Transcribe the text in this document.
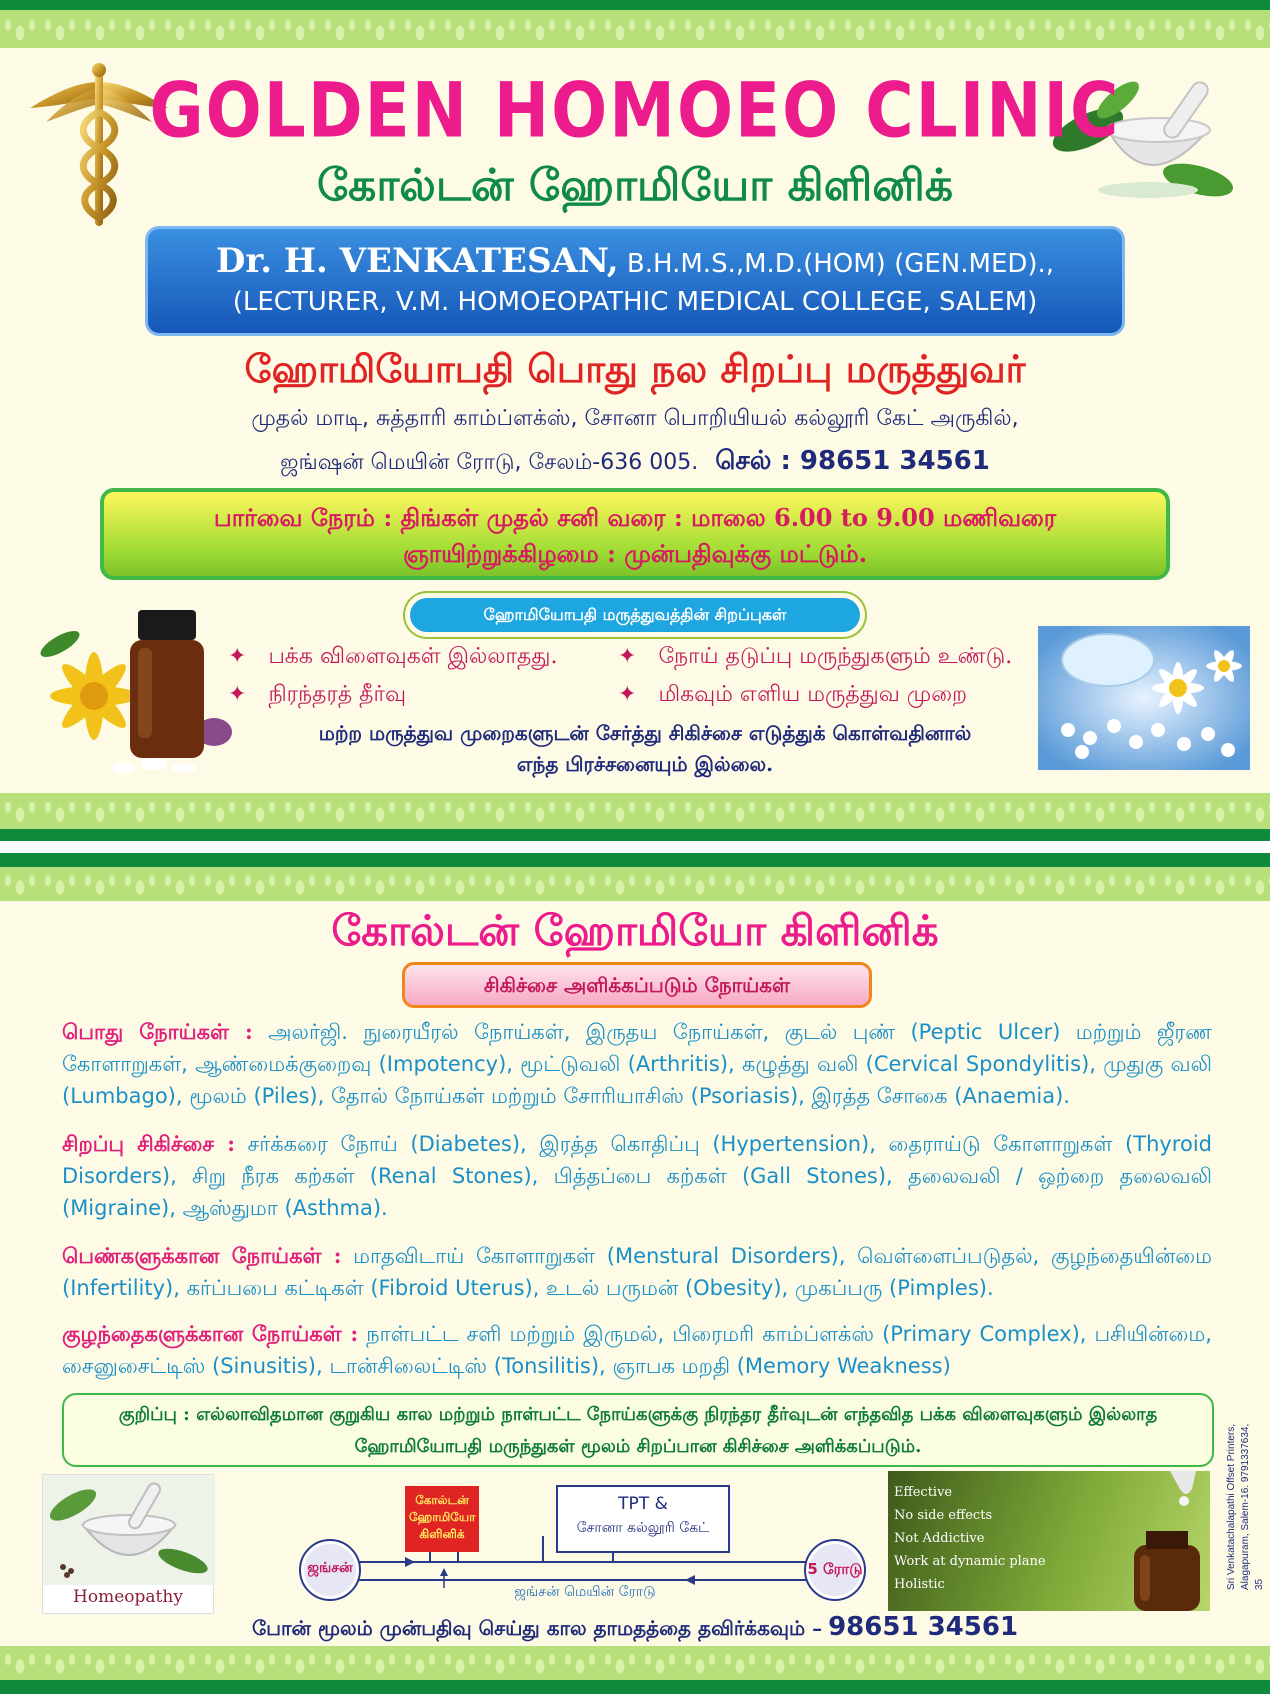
GOLDEN HOMOEO CLINIC
கோல்டன் ஹோமியோ கிளினிக்
Dr. H. VENKATESAN, B.H.M.S.,M.D.(HOM) (GEN.MED).,
(LECTURER, V.M. HOMOEOPATHIC MEDICAL COLLEGE, SALEM)
ஹோமியோபதி பொது நல சிறப்பு மருத்துவர்
முதல் மாடி, சுத்தாரி காம்ப்ளக்ஸ், சோனா பொறியியல் கல்லூரி கேட் அருகில்,
ஜங்ஷன் மெயின் ரோடு, சேலம்-636 005. செல் : 98651 34561
பார்வை நேரம் : திங்கள் முதல் சனி வரை : மாலை 6.00 to 9.00 மணிவரை
ஞாயிற்றுக்கிழமை : முன்பதிவுக்கு மட்டும்.
ஹோமியோபதி மருத்துவத்தின் சிறப்புகள்
✦ பக்க விளைவுகள் இல்லாதது.	✦ நோய் தடுப்பு மருந்துகளும் உண்டு.
✦ நிரந்தரத் தீர்வு	✦ மிகவும் எளிய மருத்துவ முறை
மற்ற மருத்துவ முறைகளுடன் சேர்த்து சிகிச்சை எடுத்துக் கொள்வதினால்
எந்த பிரச்சனையும் இல்லை.
கோல்டன் ஹோமியோ கிளினிக்
சிகிச்சை அளிக்கப்படும் நோய்கள்

பொது நோய்கள் : அலர்ஜி. நுரையீரல் நோய்கள், இருதய நோய்கள், குடல் புண் (Peptic Ulcer) மற்றும் ஜீரண கோளாறுகள், ஆண்மைக்குறைவு (Impotency), மூட்டுவலி (Arthritis), கழுத்து வலி (Cervical Spondylitis), முதுகு வலி (Lumbago), மூலம் (Piles), தோல் நோய்கள் மற்றும் சோரியாசிஸ் (Psoriasis), இரத்த சோகை (Anaemia).

சிறப்பு சிகிச்சை : சர்க்கரை நோய் (Diabetes), இரத்த கொதிப்பு (Hypertension), தைராய்டு கோளாறுகள் (Thyroid Disorders), சிறு நீரக கற்கள் (Renal Stones), பித்தப்பை கற்கள் (Gall Stones), தலைவலி / ஒற்றை தலைவலி (Migraine), ஆஸ்துமா (Asthma).

பெண்களுக்கான நோய்கள் : மாதவிடாய் கோளாறுகள் (Menstural Disorders), வெள்ளைப்படுதல், குழந்தையின்மை (Infertility), கர்ப்பபை கட்டிகள் (Fibroid Uterus), உடல் பருமன் (Obesity), முகப்பரு (Pimples).

குழந்தைகளுக்கான நோய்கள் : நாள்பட்ட சளி மற்றும் இருமல், பிரைமரி காம்ப்ளக்ஸ் (Primary Complex), பசியின்மை, சைனுசைட்டிஸ் (Sinusitis), டான்சிலைட்டிஸ் (Tonsilitis), ஞாபக மறதி (Memory Weakness)

குறிப்பு : எல்லாவிதமான குறுகிய கால மற்றும் நாள்பட்ட நோய்களுக்கு நிரந்தர தீர்வுடன் எந்தவித பக்க விளைவுகளும் இல்லாத ஹோமியோபதி மருந்துகள் மூலம் சிறப்பான கிசிச்சை அளிக்கப்படும்.
Homeopathy
ஜங்சன்	5 ரோடு
கோல்டன் ஹோமியோ கிளினிக்
TPT &
சோனா கல்லூரி கேட்
ஜங்சன் மெயின் ரோடு
Effective
No side effects
Not Addictive
Work at dynamic plane
Holistic	Sri Venkatachalapathi Offset Printers, Alagapuram, Salem-16. 9791337634, 35
போன் மூலம் முன்பதிவு செய்து கால தாமதத்தை தவிர்க்கவும் – 98651 34561
